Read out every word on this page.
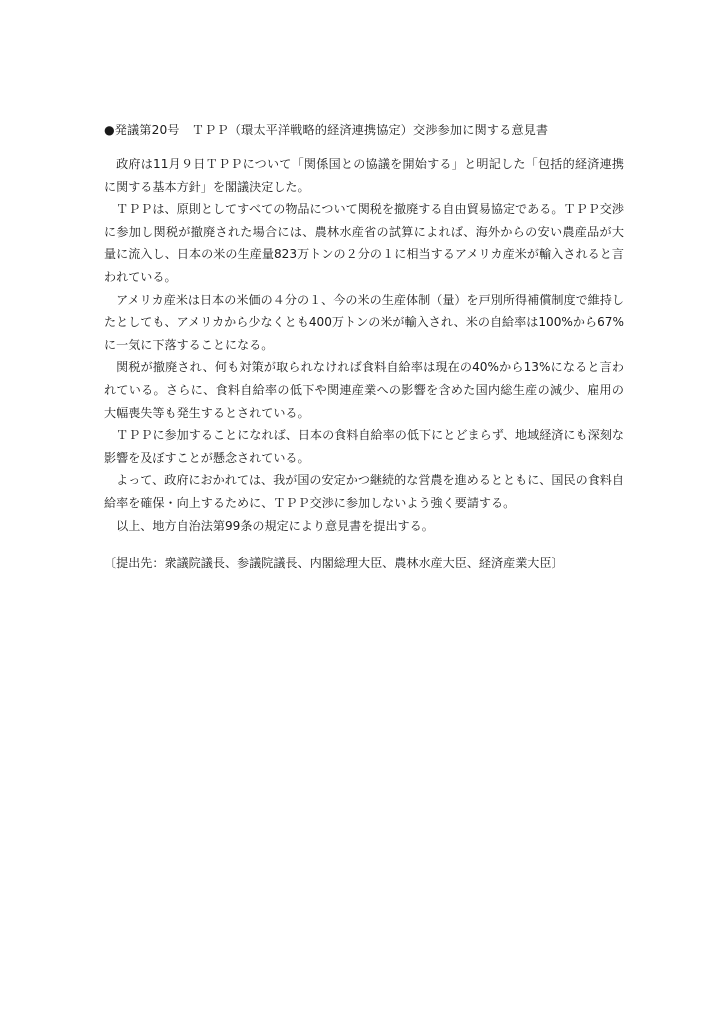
●発議第20号　ＴＰＰ（環太平洋戦略的経済連携協定）交渉参加に関する意見書

政府は11月９日ＴＰＰについて「関係国との協議を開始する」と明記した「包括的経済連携に関する基本方針」を閣議決定した。

ＴＰＰは、原則としてすべての物品について関税を撤廃する自由貿易協定である。ＴＰＰ交渉に参加し関税が撤廃された場合には、農林水産省の試算によれば、海外からの安い農産品が大量に流入し、日本の米の生産量823万トンの２分の１に相当するアメリカ産米が輸入されると言われている。

アメリカ産米は日本の米価の４分の１、今の米の生産体制（量）を戸別所得補償制度で維持したとしても、アメリカから少なくとも400万トンの米が輸入され、米の自給率は100%から67%に一気に下落することになる。

関税が撤廃され、何も対策が取られなければ食料自給率は現在の40%から13%になると言われている。さらに、食料自給率の低下や関連産業への影響を含めた国内総生産の減少、雇用の大幅喪失等も発生するとされている。

ＴＰＰに参加することになれば、日本の食料自給率の低下にとどまらず、地域経済にも深刻な影響を及ぼすことが懸念されている。

よって、政府におかれては、我が国の安定かつ継続的な営農を進めるとともに、国民の食料自給率を確保・向上するために、ＴＰＰ交渉に参加しないよう強く要請する。

以上、地方自治法第99条の規定により意見書を提出する。

〔提出先：衆議院議長、参議院議長、内閣総理大臣、農林水産大臣、経済産業大臣〕
